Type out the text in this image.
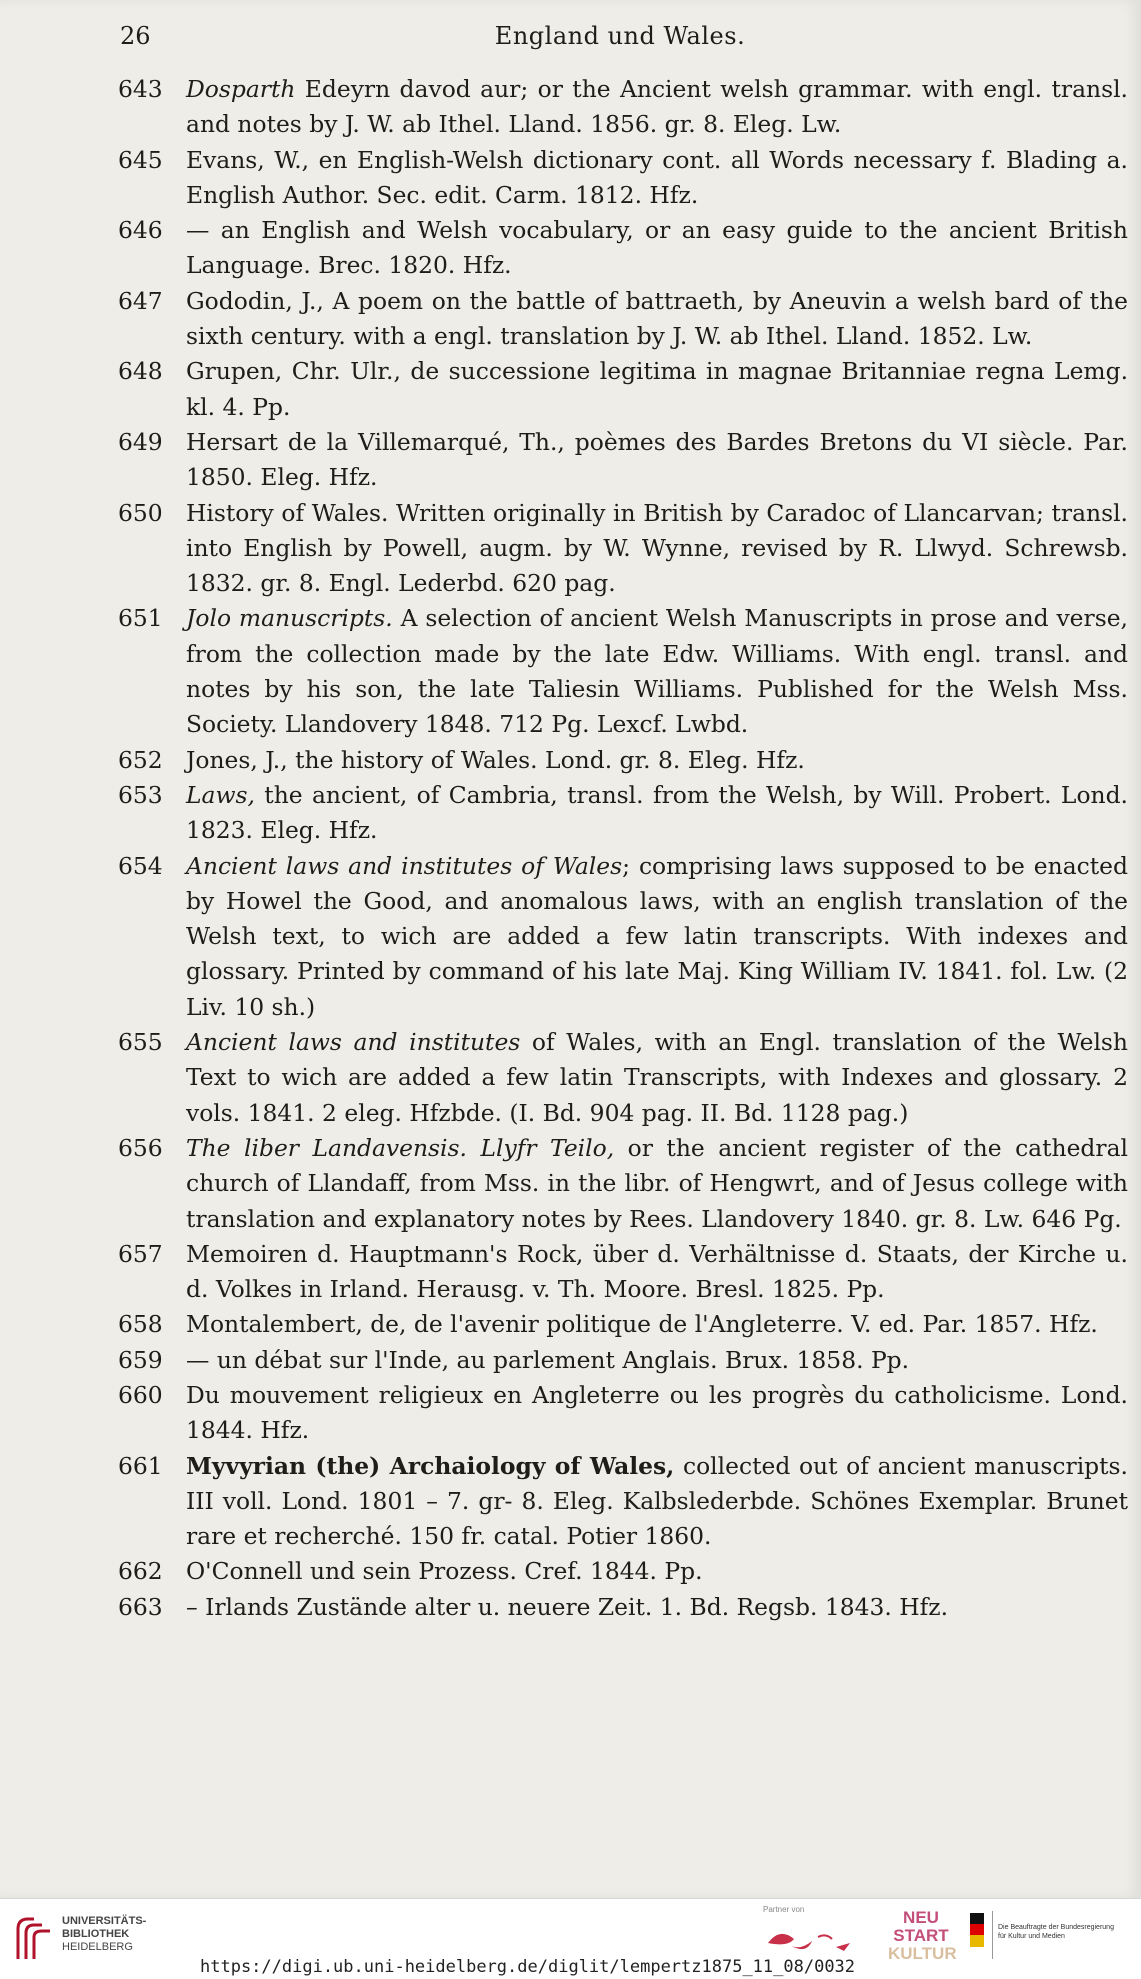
26	England und Wales.
643 Dosparth Edeyrn davod aur; or the Ancient welsh grammar. with engl. transl. and notes by J. W. ab Ithel. Lland. 1856. gr. 8. Eleg. Lw.
645 Evans, W., en English-Welsh dictionary cont. all Words necessary f. Blading a. English Author. Sec. edit. Carm. 1812. Hfz.
646 — an English and Welsh vocabulary, or an easy guide to the ancient British Language. Brec. 1820. Hfz.
647 Gododin, J., A poem on the battle of battraeth, by Aneuvin a welsh bard of the sixth century. with a engl. translation by J. W. ab Ithel. Lland. 1852. Lw.
648 Grupen, Chr. Ulr., de successione legitima in magnae Britanniae regna Lemg. kl. 4. Pp.
649 Hersart de la Villemarqué, Th., poèmes des Bardes Bretons du VI siècle. Par. 1850. Eleg. Hfz.
650 History of Wales. Written originally in British by Caradoc of Llancarvan; transl. into English by Powell, augm. by W. Wynne, revised by R. Llwyd. Schrewsb. 1832. gr. 8. Engl. Lederbd. 620 pag.
651 Jolo manuscripts. A selection of ancient Welsh Manuscripts in prose and verse, from the collection made by the late Edw. Williams. With engl. transl. and notes by his son, the late Taliesin Williams. Published for the Welsh Mss. Society. Llandovery 1848. 712 Pg. Lexcf. Lwbd.
652 Jones, J., the history of Wales. Lond. gr. 8. Eleg. Hfz.
653 Laws, the ancient, of Cambria, transl. from the Welsh, by Will. Probert. Lond. 1823. Eleg. Hfz.
654 Ancient laws and institutes of Wales; comprising laws supposed to be enacted by Howel the Good, and anomalous laws, with an english translation of the Welsh text, to wich are added a few latin transcripts. With indexes and glossary. Printed by command of his late Maj. King William IV. 1841. fol. Lw. (2 Liv. 10 sh.)
655 Ancient laws and institutes of Wales, with an Engl. translation of the Welsh Text to wich are added a few latin Transcripts, with Indexes and glossary. 2 vols. 1841. 2 eleg. Hfzbde. (I. Bd. 904 pag. II. Bd. 1128 pag.)
656 The liber Landavensis. Llyfr Teilo, or the ancient register of the cathedral church of Llandaff, from Mss. in the libr. of Hengwrt, and of Jesus college with translation and explanatory notes by Rees. Llandovery 1840. gr. 8. Lw. 646 Pg.
657 Memoiren d. Hauptmann's Rock, über d. Verhältnisse d. Staats, der Kirche u. d. Volkes in Irland. Herausg. v. Th. Moore. Bresl. 1825. Pp.
658 Montalembert, de, de l'avenir politique de l'Angleterre. V. ed. Par. 1857. Hfz.
659 — un débat sur l'Inde, au parlement Anglais. Brux. 1858. Pp.
660 Du mouvement religieux en Angleterre ou les progrès du catholicisme. Lond. 1844. Hfz.
661 Myvyrian (the) Archaiology of Wales, collected out of ancient manuscripts. III voll. Lond. 1801 – 7. gr- 8. Eleg. Kalbslederbde. Schönes Exemplar. Brunet rare et recherché. 150 fr. catal. Potier 1860.
662 O'Connell und sein Prozess. Cref. 1844. Pp.
663 – Irlands Zustände alter u. neuere Zeit. 1. Bd. Regsb. 1843. Hfz.
UNIVERSITÄTS-
BIBLIOTHEK
HEIDELBERG
Partner von	NEU
START
KULTUR
Die Beauftragte der Bundesregierung für Kultur und Medien
https://digi.ub.uni-heidelberg.de/diglit/lempertz1875_11_08/0032
